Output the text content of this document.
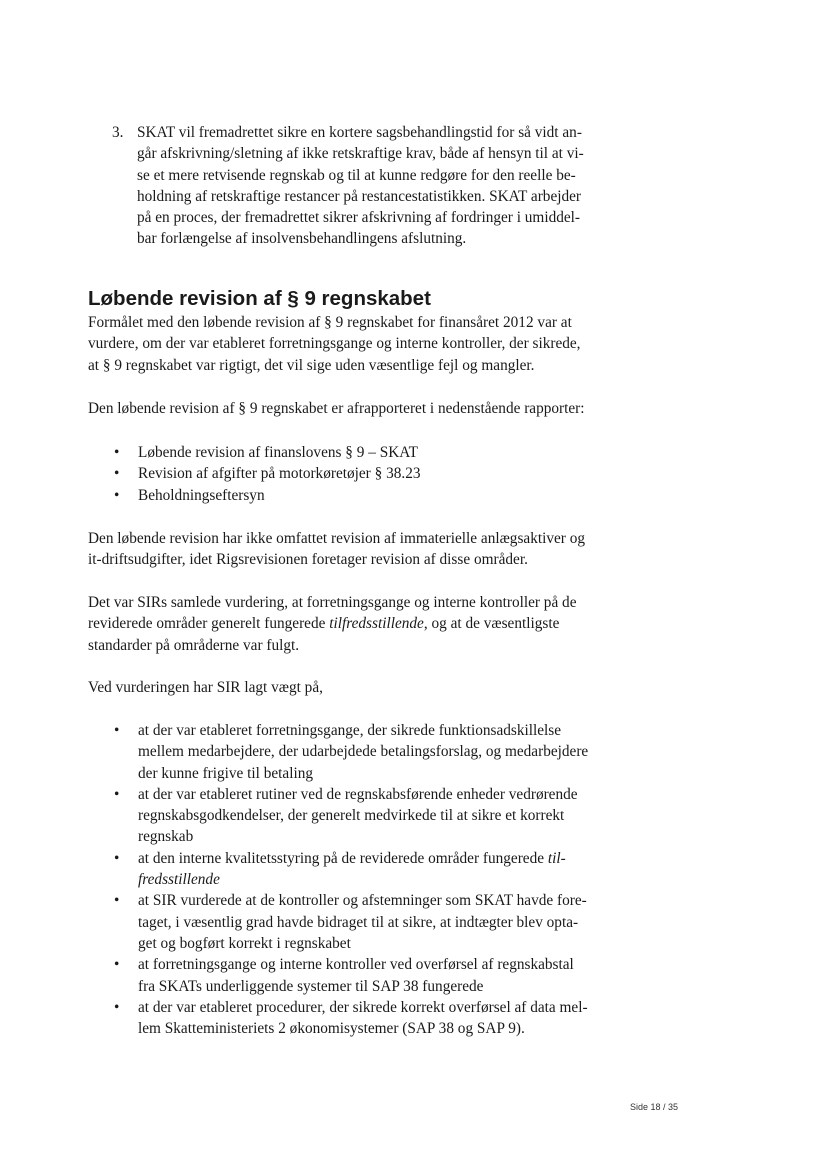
3. SKAT vil fremadrettet sikre en kortere sagsbehandlingstid for så vidt an-
går afskrivning/sletning af ikke retskraftige krav, både af hensyn til at vi-
se et mere retvisende regnskab og til at kunne redgøre for den reelle be-
holdning af retskraftige restancer på restancestatistikken. SKAT arbejder
på en proces, der fremadrettet sikrer afskrivning af fordringer i umiddel-
bar forlængelse af insolvensbehandlingens afslutning.
Løbende revision af § 9 regnskabet

Formålet med den løbende revision af § 9 regnskabet for finansåret 2012 var at
vurdere, om der var etableret forretningsgange og interne kontroller, der sikrede,
at § 9 regnskabet var rigtigt, det vil sige uden væsentlige fejl og mangler.

Den løbende revision af § 9 regnskabet er afrapporteret i nedenstående rapporter:

• Løbende revision af finanslovens § 9 – SKAT
• Revision af afgifter på motorkøretøjer § 38.23
• Beholdningseftersyn

Den løbende revision har ikke omfattet revision af immaterielle anlægsaktiver og
it-driftsudgifter, idet Rigsrevisionen foretager revision af disse områder.

Det var SIRs samlede vurdering, at forretningsgange og interne kontroller på de
reviderede områder generelt fungerede tilfredsstillende, og at de væsentligste
standarder på områderne var fulgt.

Ved vurderingen har SIR lagt vægt på,

• at der var etableret forretningsgange, der sikrede funktionsadskillelse
mellem medarbejdere, der udarbejdede betalingsforslag, og medarbejdere
der kunne frigive til betaling
• at der var etableret rutiner ved de regnskabsførende enheder vedrørende
regnskabsgodkendelser, der generelt medvirkede til at sikre et korrekt
regnskab
• at den interne kvalitetsstyring på de reviderede områder fungerede til-
fredsstillende
• at SIR vurderede at de kontroller og afstemninger som SKAT havde fore-
taget, i væsentlig grad havde bidraget til at sikre, at indtægter blev opta-
get og bogført korrekt i regnskabet
• at forretningsgange og interne kontroller ved overførsel af regnskabstal
fra SKATs underliggende systemer til SAP 38 fungerede
• at der var etableret procedurer, der sikrede korrekt overførsel af data mel-
lem Skatteministeriets 2 økonomisystemer (SAP 38 og SAP 9).
Side 18 / 35
